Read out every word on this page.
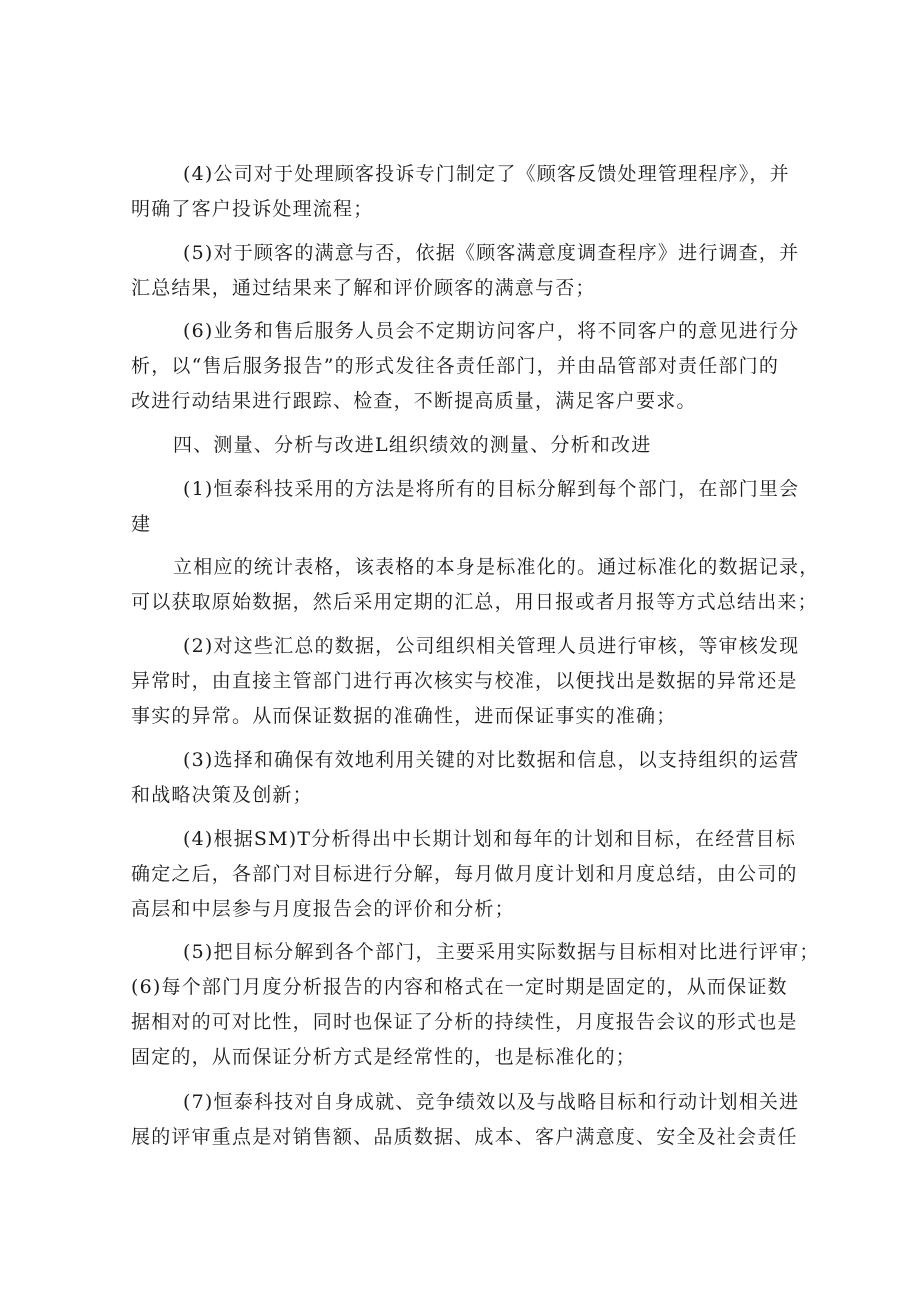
(4)公司对于处理顾客投诉专门制定了《顾客反馈处理管理程序》，并
明确了客户投诉处理流程；
(5)对于顾客的满意与否，依据《顾客满意度调查程序》进行调查，并
汇总结果，通过结果来了解和评价顾客的满意与否；
(6)业务和售后服务人员会不定期访问客户，将不同客户的意见进行分
析，以“售后服务报告”的形式发往各责任部门，并由品管部对责任部门的
改进行动结果进行跟踪、检查，不断提高质量，满足客户要求。
四、测量、分析与改进L组织绩效的测量、分析和改进
(1)恒泰科技采用的方法是将所有的目标分解到每个部门，在部门里会
建
立相应的统计表格，该表格的本身是标准化的。通过标准化的数据记录，
可以获取原始数据，然后采用定期的汇总，用日报或者月报等方式总结出来；
(2)对这些汇总的数据，公司组织相关管理人员进行审核，等审核发现
异常时，由直接主管部门进行再次核实与校准，以便找出是数据的异常还是
事实的异常。从而保证数据的准确性，进而保证事实的准确；
(3)选择和确保有效地利用关键的对比数据和信息，以支持组织的运营
和战略决策及创新；
(4)根据SM)T分析得出中长期计划和每年的计划和目标，在经营目标
确定之后，各部门对目标进行分解，每月做月度计划和月度总结，由公司的
高层和中层参与月度报告会的评价和分析；
(5)把目标分解到各个部门，主要采用实际数据与目标相对比进行评审；
(6)每个部门月度分析报告的内容和格式在一定时期是固定的，从而保证数
据相对的可对比性，同时也保证了分析的持续性，月度报告会议的形式也是
固定的，从而保证分析方式是经常性的，也是标准化的；
(7)恒泰科技对自身成就、竞争绩效以及与战略目标和行动计划相关进
展的评审重点是对销售额、品质数据、成本、客户满意度、安全及社会责任
